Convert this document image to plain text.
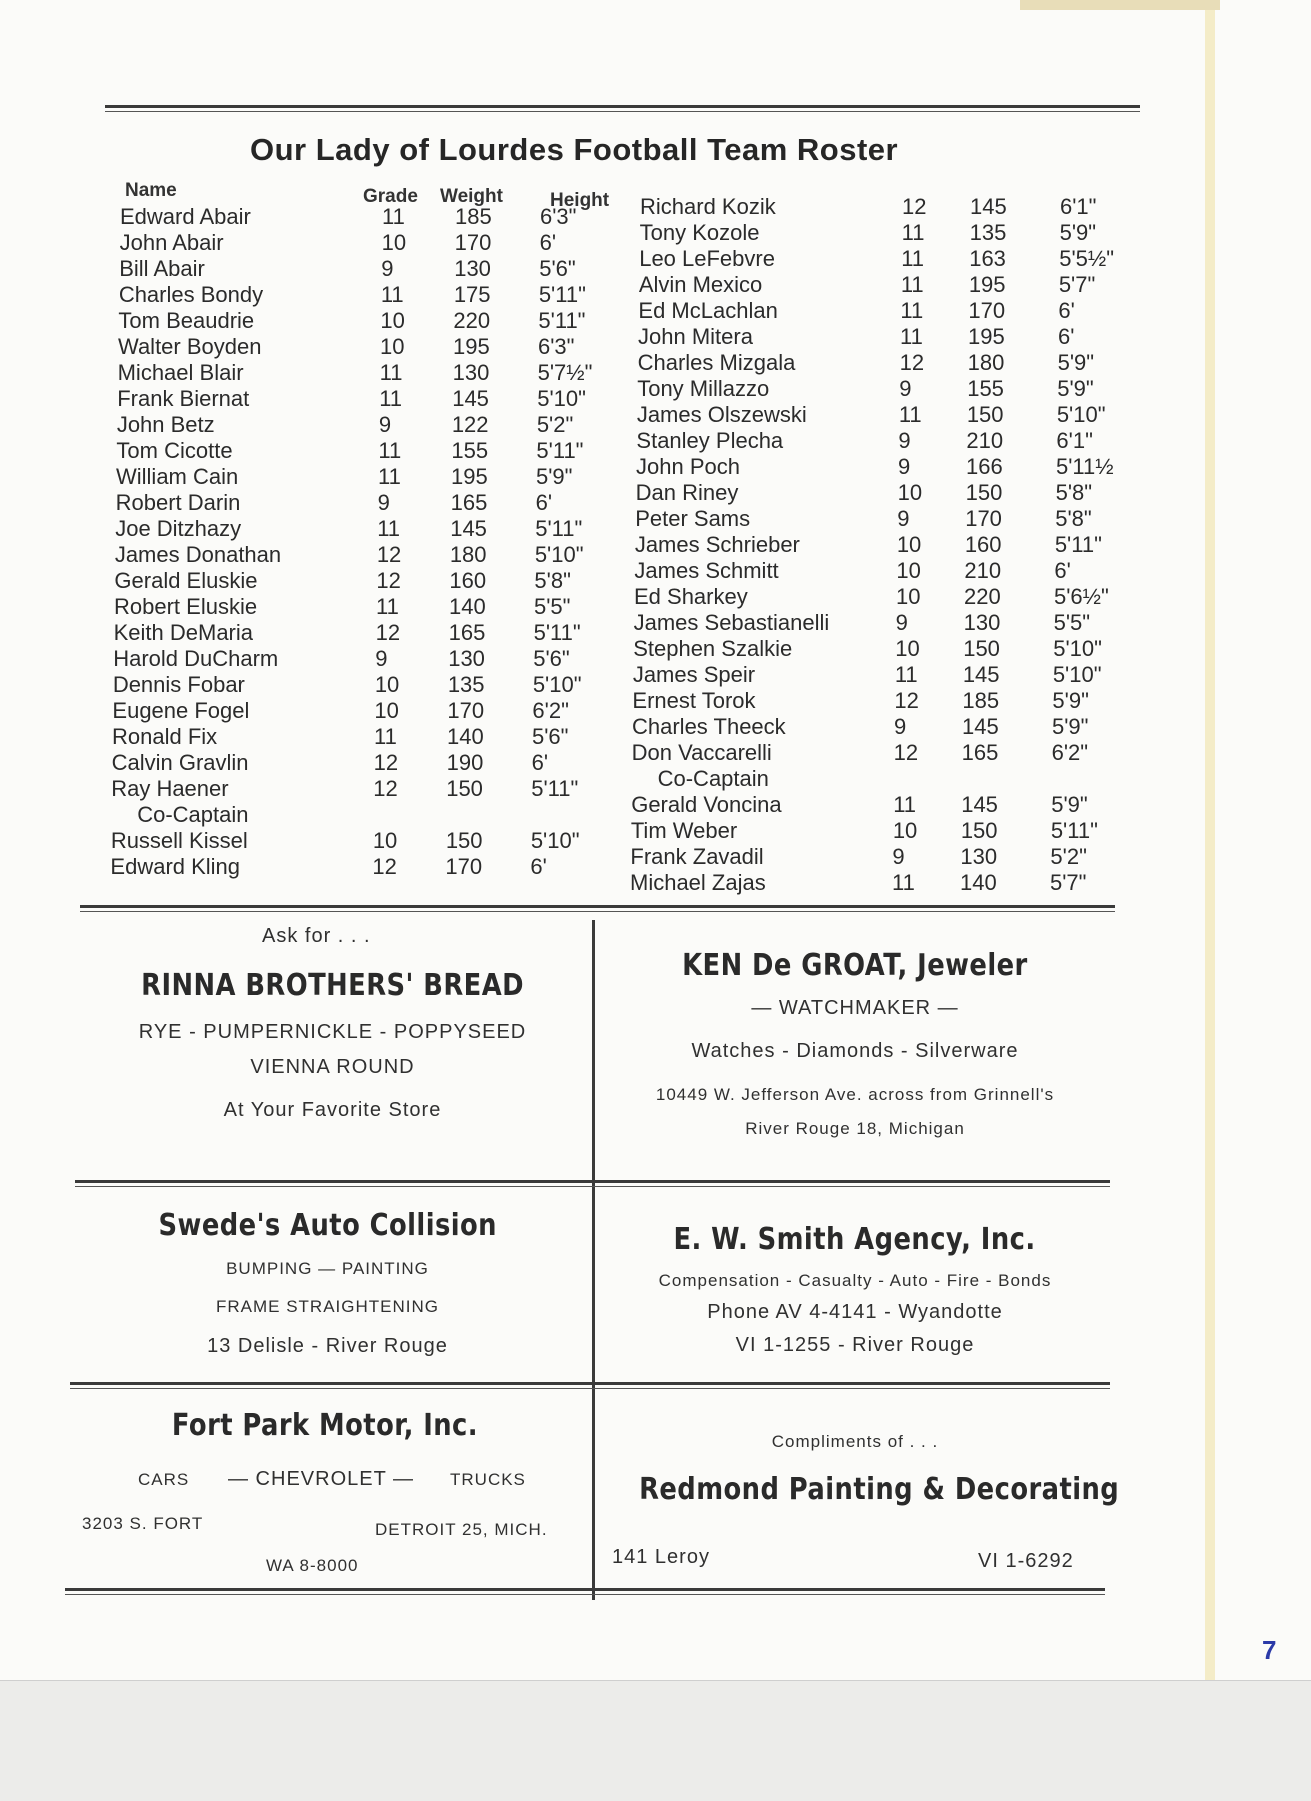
Our Lady of Lourdes Football Team Roster
Name	Grade Weight Height
Edward Abair	11 185 6'3"
John Abair	10 170 6'
Bill Abair	9	130 5'6"
Charles Bondy	11 175 5'11"
Tom Beaudrie	10 220 5'11"
Walter Boyden	10 195 6'3"
Michael Blair	11 130 5'7½"
Frank Biernat	11 145 5'10"
John Betz	9	122 5'2"
Tom Cicotte	11 155 5'11"
William Cain	11 195 5'9"
Robert Darin	9	165 6'
Joe Ditzhazy	11 145 5'11"
James Donathan	12 180 5'10"
Gerald Eluskie	12 160 5'8"
Robert Eluskie	11 140 5'5"
Keith DeMaria	12 165 5'11"
Harold DuCharm	9	130 5'6"
Dennis Fobar	10 135 5'10"
Eugene Fogel	10 170 6'2"
Ronald Fix	11 140 5'6"
Calvin Gravlin	12 190 6'
Ray Haener	12 150 5'11"
Co-Captain
Russell Kissel	10 150 5'10"
Edward Kling	12 170 6'
Richard Kozik	12 145 6'1"
Tony Kozole	11 135 5'9"
Leo LeFebvre	11 163 5'5½"
Alvin Mexico	11 195 5'7"
Ed McLachlan	11 170 6'
John Mitera	11 195 6'
Charles Mizgala	12 180 5'9"
Tony Millazzo	9	155 5'9"
James Olszewski	11 150 5'10"
Stanley Plecha	9	210 6'1"
John Poch	9	166 5'11½
Dan Riney	10 150 5'8"
Peter Sams	9	170 5'8"
James Schrieber	10 160 5'11"
James Schmitt	10 210 6'
Ed Sharkey	10 220 5'6½"
James Sebastianelli	9	130 5'5"
Stephen Szalkie	10 150 5'10"
James Speir	11 145 5'10"
Ernest Torok	12 185 5'9"
Charles Theeck	9	145 5'9"
Don Vaccarelli	12 165 6'2"
Co-Captain
Gerald Voncina	11 145 5'9"
Tim Weber	10 150 5'11"
Frank Zavadil	9	130 5'2"
Michael Zajas	11 140 5'7"
Ask for . . .
RINNA BROTHERS' BREAD
RYE - PUMPERNICKLE - POPPYSEED
VIENNA ROUND
At Your Favorite Store
KEN De GROAT, Jeweler
— WATCHMAKER —
Watches - Diamonds - Silverware
10449 W. Jefferson Ave. across from Grinnell's
River Rouge 18, Michigan
Swede's Auto Collision
BUMPING — PAINTING
FRAME STRAIGHTENING
13 Delisle - River Rouge
E. W. Smith Agency, Inc.
Compensation - Casualty - Auto - Fire - Bonds
Phone AV 4-4141 - Wyandotte
VI 1-1255 - River Rouge
Fort Park Motor, Inc.
CARS — CHEVROLET — TRUCKS
3203 S. FORT	DETROIT 25, MICH.
WA 8-8000
Compliments of . . .
Redmond Painting & Decorating
141 Leroy	VI 1-6292
7
